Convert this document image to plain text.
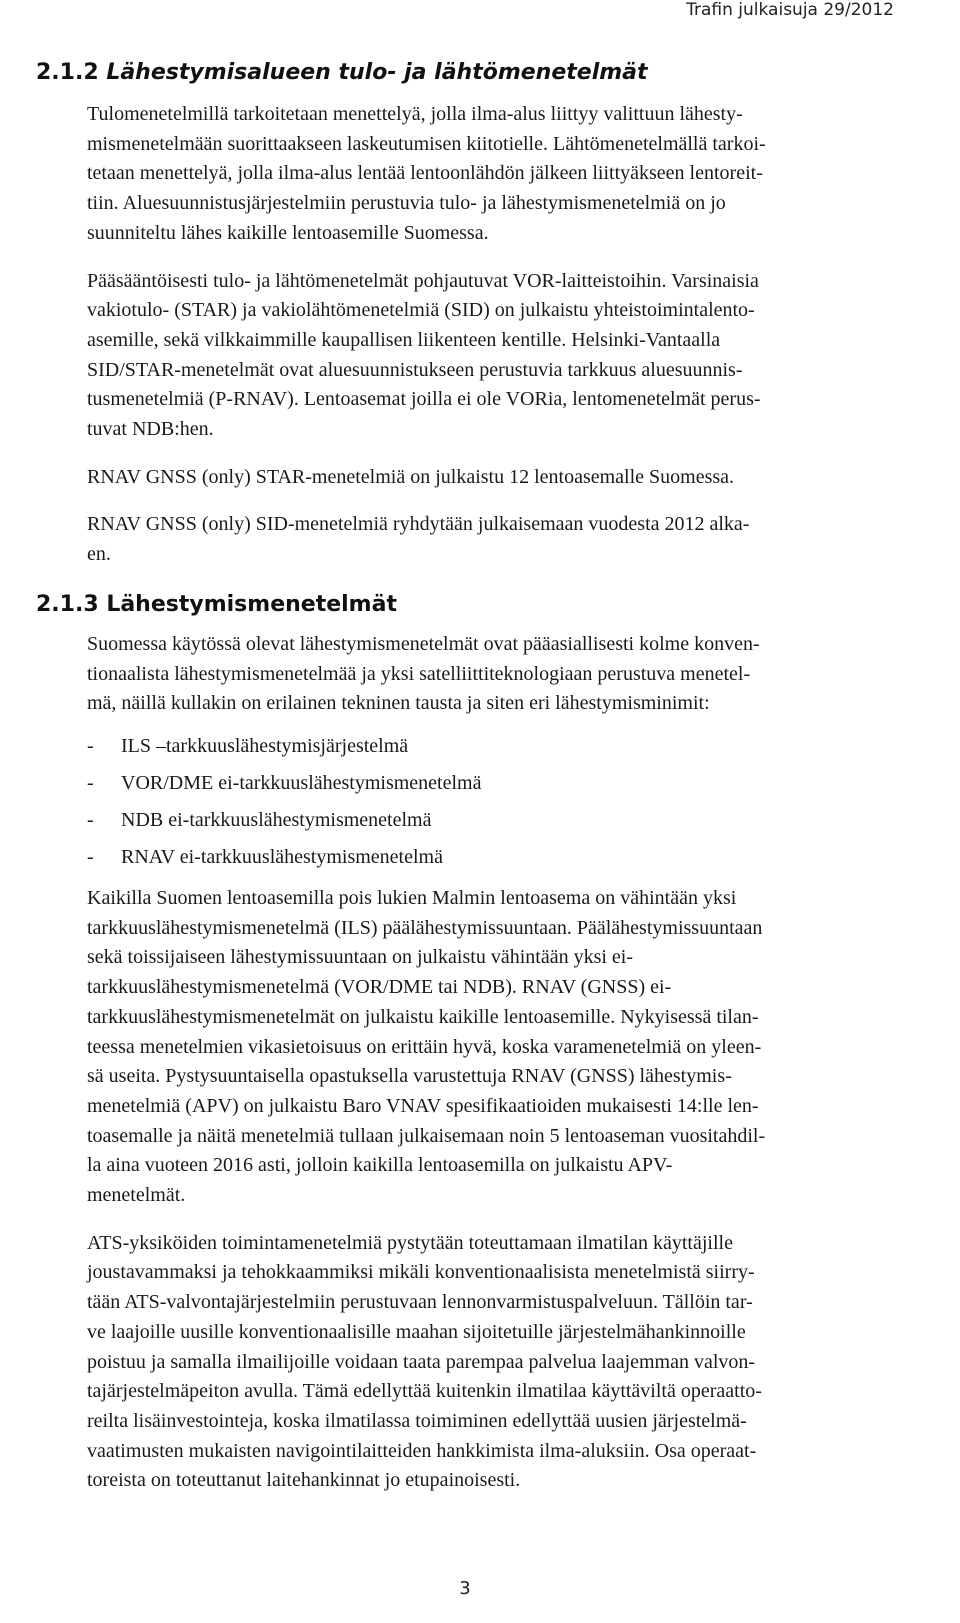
Trafin julkaisuja 29/2012
2.1.2 Lähestymisalueen tulo- ja lähtömenetelmät

Tulomenetelmillä tarkoitetaan menettelyä, jolla ilma-alus liittyy valittuun lähesty-

mismenetelmään suorittaakseen laskeutumisen kiitotielle. Lähtömenetelmällä tarkoi-

tetaan menettelyä, jolla ilma-alus lentää lentoonlähdön jälkeen liittyäkseen lentoreit-

tiin. Aluesuunnistusjärjestelmiin perustuvia tulo- ja lähestymismenetelmiä on jo

suunniteltu lähes kaikille lentoasemille Suomessa.

Pääsääntöisesti tulo- ja lähtömenetelmät pohjautuvat VOR-laitteistoihin. Varsinaisia

vakiotulo- (STAR) ja vakiolähtömenetelmiä (SID) on julkaistu yhteistoimintalento-

asemille, sekä vilkkaimmille kaupallisen liikenteen kentille. Helsinki-Vantaalla

SID/STAR-menetelmät ovat aluesuunnistukseen perustuvia tarkkuus aluesuunnis-

tusmenetelmiä (P-RNAV). Lentoasemat joilla ei ole VORia, lentomenetelmät perus-

tuvat NDB:hen.

RNAV GNSS (only) STAR-menetelmiä on julkaistu 12 lentoasemalle Suomessa.

RNAV GNSS (only) SID-menetelmiä ryhdytään julkaisemaan vuodesta 2012 alka-

en.

2.1.3 Lähestymismenetelmät

Suomessa käytössä olevat lähestymismenetelmät ovat pääasiallisesti kolme konven-

tionaalista lähestymismenetelmää ja yksi satelliittiteknologiaan perustuva menetel-

mä, näillä kullakin on erilainen tekninen tausta ja siten eri lähestymisminimit:

- ILS –tarkkuuslähestymisjärjestelmä
- VOR/DME ei-tarkkuuslähestymismenetelmä
- NDB ei-tarkkuuslähestymismenetelmä
- RNAV ei-tarkkuuslähestymismenetelmä

Kaikilla Suomen lentoasemilla pois lukien Malmin lentoasema on vähintään yksi

tarkkuuslähestymismenetelmä (ILS) päälähestymissuuntaan. Päälähestymissuuntaan

sekä toissijaiseen lähestymissuuntaan on julkaistu vähintään yksi ei-

tarkkuuslähestymismenetelmä (VOR/DME tai NDB). RNAV (GNSS) ei-

tarkkuuslähestymismenetelmät on julkaistu kaikille lentoasemille. Nykyisessä tilan-

teessa menetelmien vikasietoisuus on erittäin hyvä, koska varamenetelmiä on yleen-

sä useita. Pystysuuntaisella opastuksella varustettuja RNAV (GNSS) lähestymis-

menetelmiä (APV) on julkaistu Baro VNAV spesifikaatioiden mukaisesti 14:lle len-

toasemalle ja näitä menetelmiä tullaan julkaisemaan noin 5 lentoaseman vuositahdil-

la aina vuoteen 2016 asti, jolloin kaikilla lentoasemilla on julkaistu APV-

menetelmät.

ATS-yksiköiden toimintamenetelmiä pystytään toteuttamaan ilmatilan käyttäjille

joustavammaksi ja tehokkaammiksi mikäli konventionaalisista menetelmistä siirry-

tään ATS-valvontajärjestelmiin perustuvaan lennonvarmistuspalveluun. Tällöin tar-

ve laajoille uusille konventionaalisille maahan sijoitetuille järjestelmähankinnoille

poistuu ja samalla ilmailijoille voidaan taata parempaa palvelua laajemman valvon-

tajärjestelmäpeiton avulla. Tämä edellyttää kuitenkin ilmatilaa käyttäviltä operaatto-

reilta lisäinvestointeja, koska ilmatilassa toimiminen edellyttää uusien järjestelmä-

vaatimusten mukaisten navigointilaitteiden hankkimista ilma-aluksiin. Osa operaat-

toreista on toteuttanut laitehankinnat jo etupainoisesti.

3
